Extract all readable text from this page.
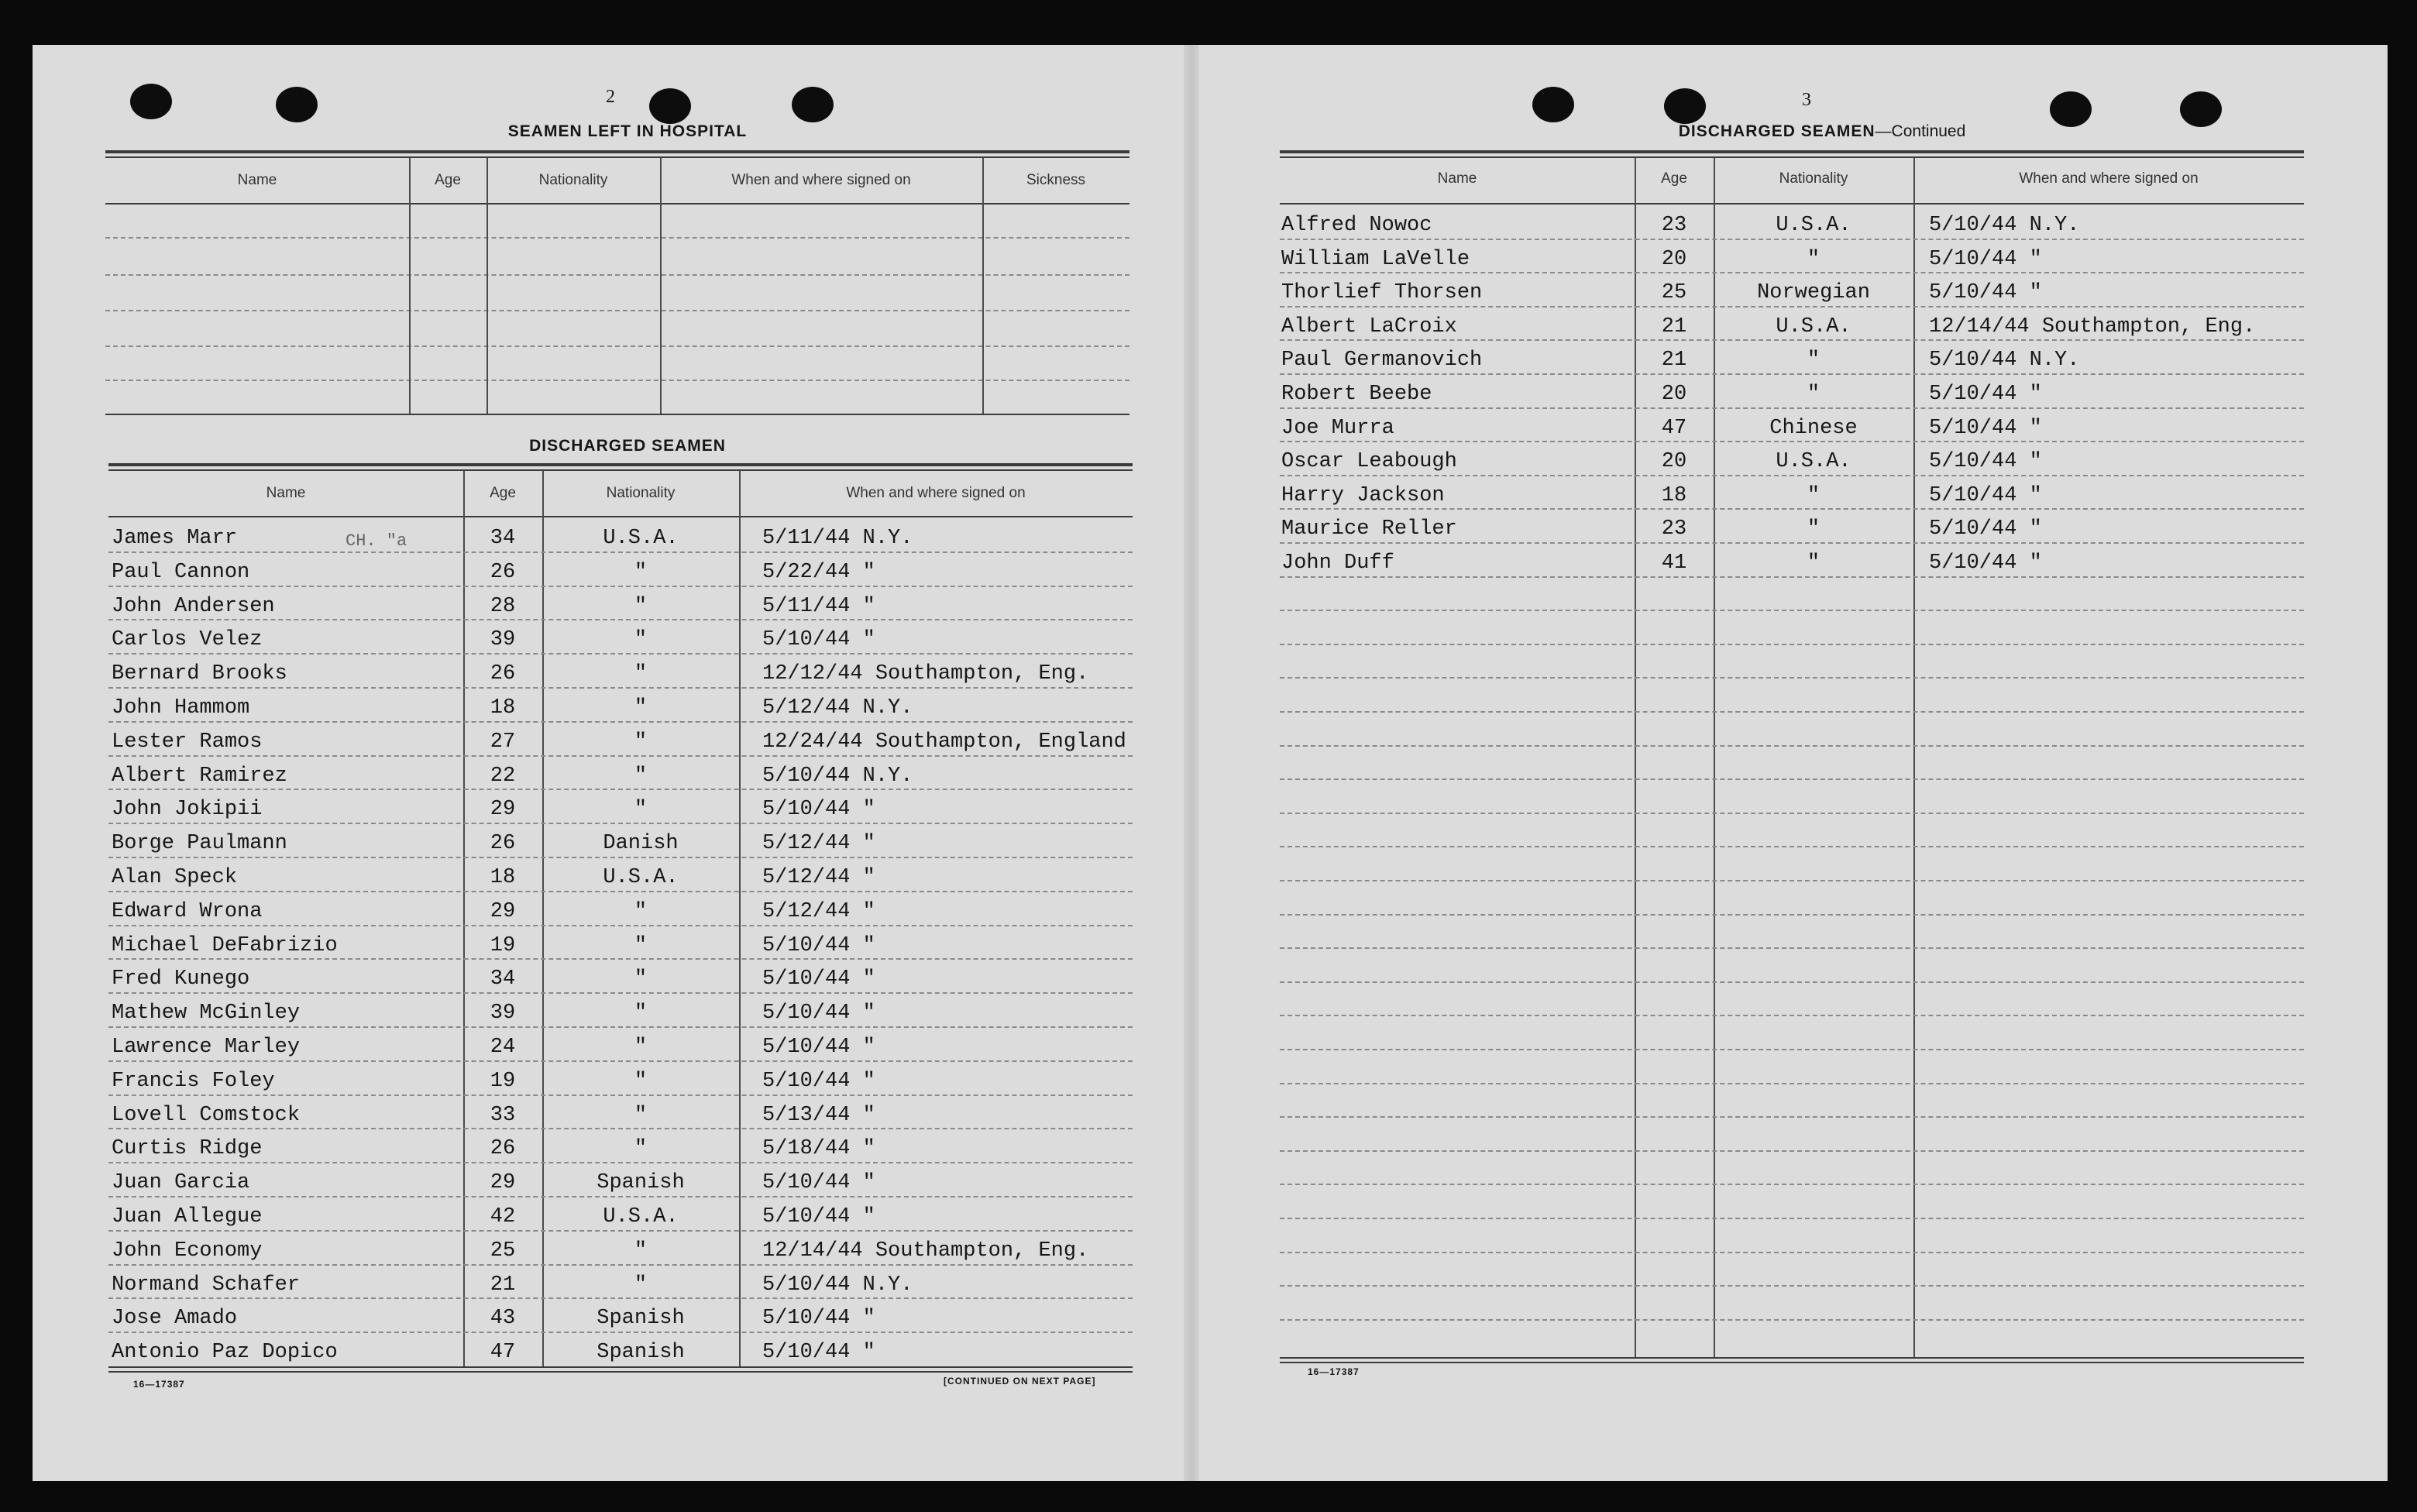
2
SEAMEN LEFT IN HOSPITAL
Name	Age	Nationality	When and where signed on	Sickness
DISCHARGED SEAMEN
Name	Age	Nationality	When and where signed on
CH. "a
James Marr	34	U.S.A.	5/11/44 N.Y.
Paul Cannon	26	"	5/22/44 "
John Andersen	28	"	5/11/44 "
Carlos Velez	39	"	5/10/44 "
Bernard Brooks	26	"	12/12/44 Southampton, Eng.
John Hammom	18	"	5/12/44 N.Y.
Lester Ramos	27	"	12/24/44 Southampton, England
Albert Ramirez	22	"	5/10/44 N.Y.
John Jokipii	29	"	5/10/44 "
Borge Paulmann	26	Danish	5/12/44 "
Alan Speck	18	U.S.A.	5/12/44 "
Edward Wrona	29	"	5/12/44 "
Michael DeFabrizio	19	"	5/10/44 "
Fred Kunego	34	"	5/10/44 "
Mathew McGinley	39	"	5/10/44 "
Lawrence Marley	24	"	5/10/44 "
Francis Foley	19	"	5/10/44 "
Lovell Comstock	33	"	5/13/44 "
Curtis Ridge	26	"	5/18/44 "
Juan Garcia	29	Spanish	5/10/44 "
Juan Allegue	42	U.S.A.	5/10/44 "
John Economy	25	"	12/14/44 Southampton, Eng.
Normand Schafer	21	"	5/10/44 N.Y.
Jose Amado	43	Spanish	5/10/44 "
Antonio Paz Dopico	47	Spanish	5/10/44 "
16—17387	[CONTINUED ON NEXT PAGE]
3
DISCHARGED SEAMEN—Continued
Name	Age	Nationality	When and where signed on
Alfred Nowoc	23	U.S.A.	5/10/44 N.Y.
William LaVelle	20	"	5/10/44 "
Thorlief Thorsen	25	Norwegian	5/10/44 "
Albert LaCroix	21	U.S.A.	12/14/44 Southampton, Eng.
Paul Germanovich	21	"	5/10/44 N.Y.
Robert Beebe	20	"	5/10/44 "
Joe Murra	47	Chinese	5/10/44 "
Oscar Leabough	20	U.S.A.	5/10/44 "
Harry Jackson	18	"	5/10/44 "
Maurice Reller	23	"	5/10/44 "
John Duff	41	"	5/10/44 "
16—17387
